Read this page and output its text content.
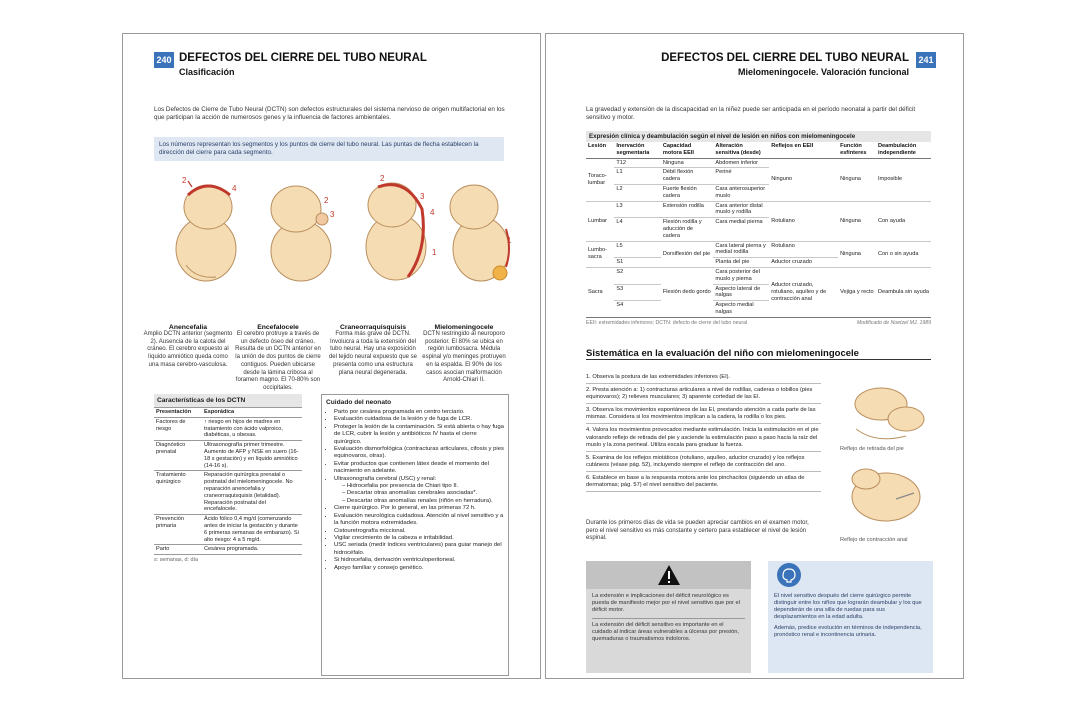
240 DEFECTOS DEL CIERRE DEL TUBO NEURAL
Clasificación
Los Defectos de Cierre de Tubo Neural (DCTN) son defectos estructurales del sistema nervioso de origen multifactorial en los que participan la acción de numerosos genes y la influencia de factores ambientales.
Los números representan los segmentos y los puntos de cierre del tubo neural. Las puntas de flecha establecen la dirección del cierre para cada segmento.
2
4
2
3
2
3
4
1
1
Anencefalia
Amplio DCTN anterior (segmento 2). Ausencia de la calota del cráneo. El cerebro expuesto al líquido amniótico queda como una masa cerebro-vasculosa.
Encefalocele
El cerebro protruye a través de un defecto óseo del cráneo. Resulta de un DCTN anterior en la unión de dos puntos de cierre contiguos. Pueden ubicarse desde la lámina cribosa al foramen magno. El 70-80% son occipitales.
Craneorraquisquisis
Forma más grave de DCTN. Involucra a toda la extensión del tubo neural. Hay una exposición del tejido neural expuesto que se presenta como una estructura plana neural degenerada.
Mielomeningocele
DCTN restringido al neuroporo posterior. El 80% se ubica en región lumbosacra. Médula espinal y/o meninges protruyen en la espalda. El 90% de los casos asocian malformación Arnold-Chiari II.
Características de los DCTN
Presentación	Esporádica
Factores de riesgo	↑ riesgo en hijos de madres en tratamiento con ácido valproico, diabéticas, u obesas.
Diagnóstico prenatal	Ultrasonografía primer trimestre. Aumento de AFP y NSE en suero (16-18 s gestación) y en líquido amniótico (14-16 s).
Tratamiento quirúrgico	Reparación quirúrgica prenatal o postnatal del mielomeningocele. No reparación anencefalia y craneorraquisquisis (letalidad). Reparación postnatal del encefalocele.
Prevención primaria	Ácido fólico 0,4 mg/d (comenzando antes de iniciar la gestación y durante 6 primeras semanas de embarazo). Si alto riesgo: 4 a 5 mg/d.
Parto	Cesárea programada.
s: semanas, d: día
Cuidado del neonato
• Parto por cesárea programada en centro terciario.
• Evaluación cuidadosa de la lesión y de fuga de LCR.
• Proteger la lesión de la contaminación. Si está abierta o hay fuga de LCR, cubrir la lesión y antibióticos IV hasta el cierre quirúrgico.
• Evaluación dismorfológica (contracturas articulares, cifosis y pies equinovaros, otras).
• Evitar productos que contienen látex desde el momento del nacimiento en adelante.
• Ultrasonografía cerebral (USC) y renal:
– Hidrocefalia por presencia de Chiari tipo II.
– Descartar otras anomalías cerebrales asociadas*.
– Descartar otras anomalías renales (riñón en herradura).
• Cierre quirúrgico. Por lo general, en las primeras 72 h.
• Evaluación neurológica cuidadosa. Atención al nivel sensitivo y a la función motora extremidades.
• Cistouretrografía miccional.
• Vigilar crecimiento de la cabeza e irritabilidad.
• USC seriada (medir índices ventriculares) para guiar manejo del hidrocéfalo.
• Si hidrocefalia, derivación ventriculoperitoneal.
• Apoyo familiar y consejo genético.
241
DEFECTOS DEL CIERRE DEL TUBO NEURAL
Mielomeningocele. Valoración funcional
La gravedad y extensión de la discapacidad en la niñez puede ser anticipada en el período neonatal a partir del déficit sensitivo y motor.
Expresión clínica y deambulación según el nivel de lesión en niños con mielomeningocele
Lesión	Inervación segmentaria	Capacidad motora EEII	Alteración sensitiva (desde)	Reflejos en EEII	Función esfínteres	Deambulación independiente
Toraco-lumbar	T12	Ninguna	Abdomen inferior	Ninguno	Ninguna	Imposible
	L1	Débil flexión cadera	Periné			
	L2	Fuerte flexión cadera	Cara anterosuperior muslo			
Lumbar	L3	Extensión rodilla	Cara anterior distal muslo y rodilla	Rotuliano	Ninguna	Con ayuda
	L4	Flexión rodilla y aducción de cadera	Cara medial pierna			
Lumbo-sacra	L5	Dorsiflexión del pie	Cara lateral pierna y medial rodilla	Rotuliano	Ninguna	Con o sin ayuda
	S1		Planta del pie	Aductor cruzado		
Sacra	S2	Flexión dedo gordo	Cara posterior del muslo y pierna	Aductor cruzado, rotuliano, aquíleo y de contracción anal	Vejiga y recto	Deambula sin ayuda
	S3		Aspecto lateral de nalgas			
	S4		Aspecto medial nalgas			
EEII: extremidades inferiores; DCTN: defecto de cierre del tubo neural	Modificado de Noetzel MJ. 1989
Sistemática en la evaluación del niño con mielomeningocele
1. Observa la postura de las extremidades inferiores (EI).
2. Presta atención a: 1) contracturas articulares a nivel de rodillas, caderas o tobillos (pies equinovaros); 2) relieves musculares; 3) aparente cortedad de las EI.
3. Observa los movimientos espontáneos de las EI, prestando atención a cada parte de las mismas. Considera si los movimientos implican a la cadera, la rodilla o los pies.
4. Valora los movimientos provocados mediante estimulación. Inicia la estimulación en el pie valorando reflejo de retirada del pie y asciende la estimulación paso a paso hacia la raíz del muslo y la zona perineal. Utiliza escala para graduar la fuerza.
5. Examina de los reflejos miotáticos (rotuliano, aquíleo, aductor cruzado) y los reflejos cutáneos (véase pág. 52), incluyendo siempre el reflejo de contracción del ano.
6. Establece en base a la respuesta motora ante los pinchacitos (siguiendo un atlas de dermatomas; pág. 57) el nivel sensitivo del paciente.
Reflejo de retirada del pie
Reflejo de contracción anal
Durante los primeros días de vida se pueden apreciar cambios en el examen motor, pero el nivel sensitivo es más constante y certero para establecer el nivel de lesión espinal.
La extensión e implicaciones del déficit neurológico es puesta de manifiesto mejor por el nivel sensitivo que por el déficit motor.
La extensión del déficit sensitivo es importante en el cuidado al indicar áreas vulnerables a úlceras por presión, quemaduras o traumatismos indoloros.
El nivel sensitivo después del cierre quirúrgico permite distinguir entre los niños que lograrán deambular y los que dependerán de una silla de ruedas para sus desplazamientos en la edad adulta.
Además, predice evolución en términos de independencia, pronóstico renal e incontinencia urinaria.
